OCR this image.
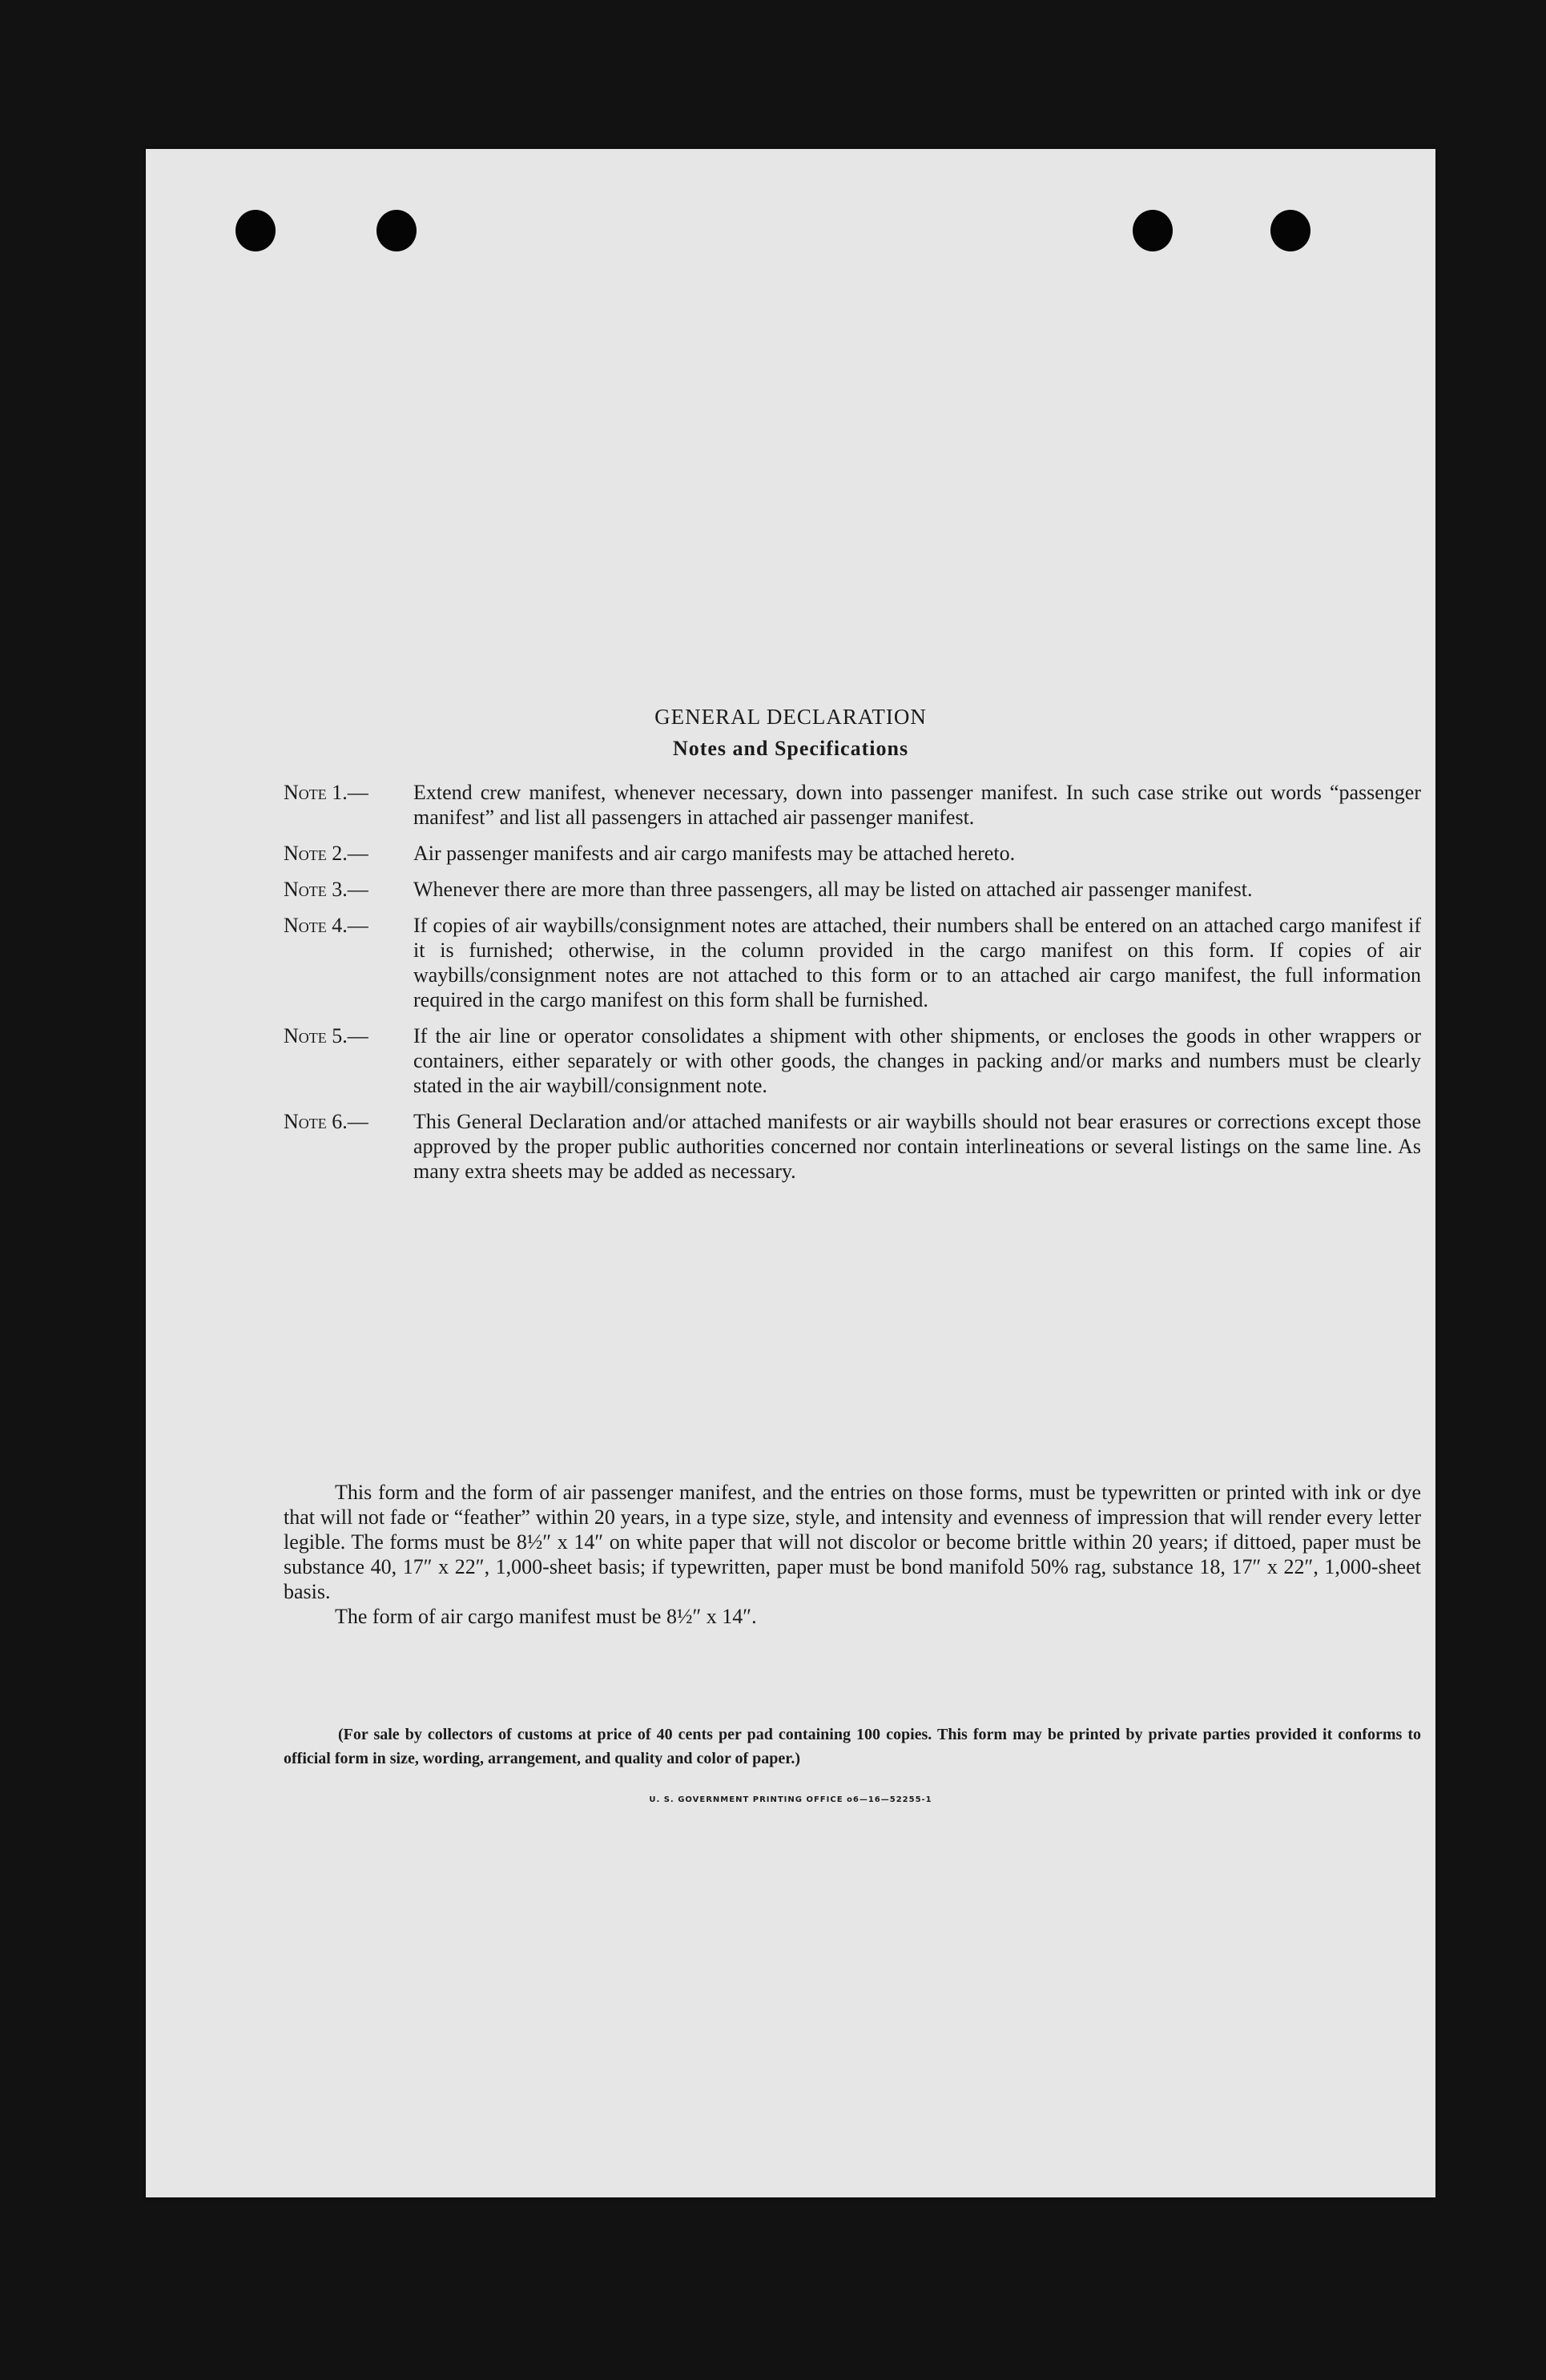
GENERAL DECLARATION
Notes and Specifications
Note 1.—	Extend crew manifest, whenever necessary, down into passenger manifest. In such case strike out words “passenger manifest” and list all passengers in attached air passenger manifest.
Note 2.—	Air passenger manifests and air cargo manifests may be attached hereto.
Note 3.—	Whenever there are more than three passengers, all may be listed on attached air passenger manifest.
Note 4.—	If copies of air waybills/consignment notes are attached, their numbers shall be entered on an attached cargo manifest if it is furnished; otherwise, in the column provided in the cargo manifest on this form. If copies of air waybills/consignment notes are not attached to this form or to an attached air cargo manifest, the full information required in the cargo manifest on this form shall be furnished.
Note 5.—	If the air line or operator consolidates a shipment with other shipments, or encloses the goods in other wrappers or containers, either separately or with other goods, the changes in packing and/or marks and numbers must be clearly stated in the air waybill/consignment note.
Note 6.—	This General Declaration and/or attached manifests or air waybills should not bear erasures or corrections except those approved by the proper public authorities concerned nor contain interlineations or several listings on the same line. As many extra sheets may be added as necessary.

This form and the form of air passenger manifest, and the entries on those forms, must be typewritten or printed with ink or dye that will not fade or “feather” within 20 years, in a type size, style, and intensity and evenness of impression that will render every letter legible. The forms must be 8½″ x 14″ on white paper that will not discolor or become brittle within 20 years; if dittoed, paper must be substance 40, 17″ x 22″, 1,000-sheet basis; if typewritten, paper must be bond manifold 50% rag, substance 18, 17″ x 22″, 1,000-sheet basis.

The form of air cargo manifest must be 8½″ x 14″.

(For sale by collectors of customs at price of 40 cents per pad containing 100 copies. This form may be printed by private parties provided it conforms to official form in size, wording, arrangement, and quality and color of paper.)
U. S. GOVERNMENT PRINTING OFFICE o6—16—52255-1
